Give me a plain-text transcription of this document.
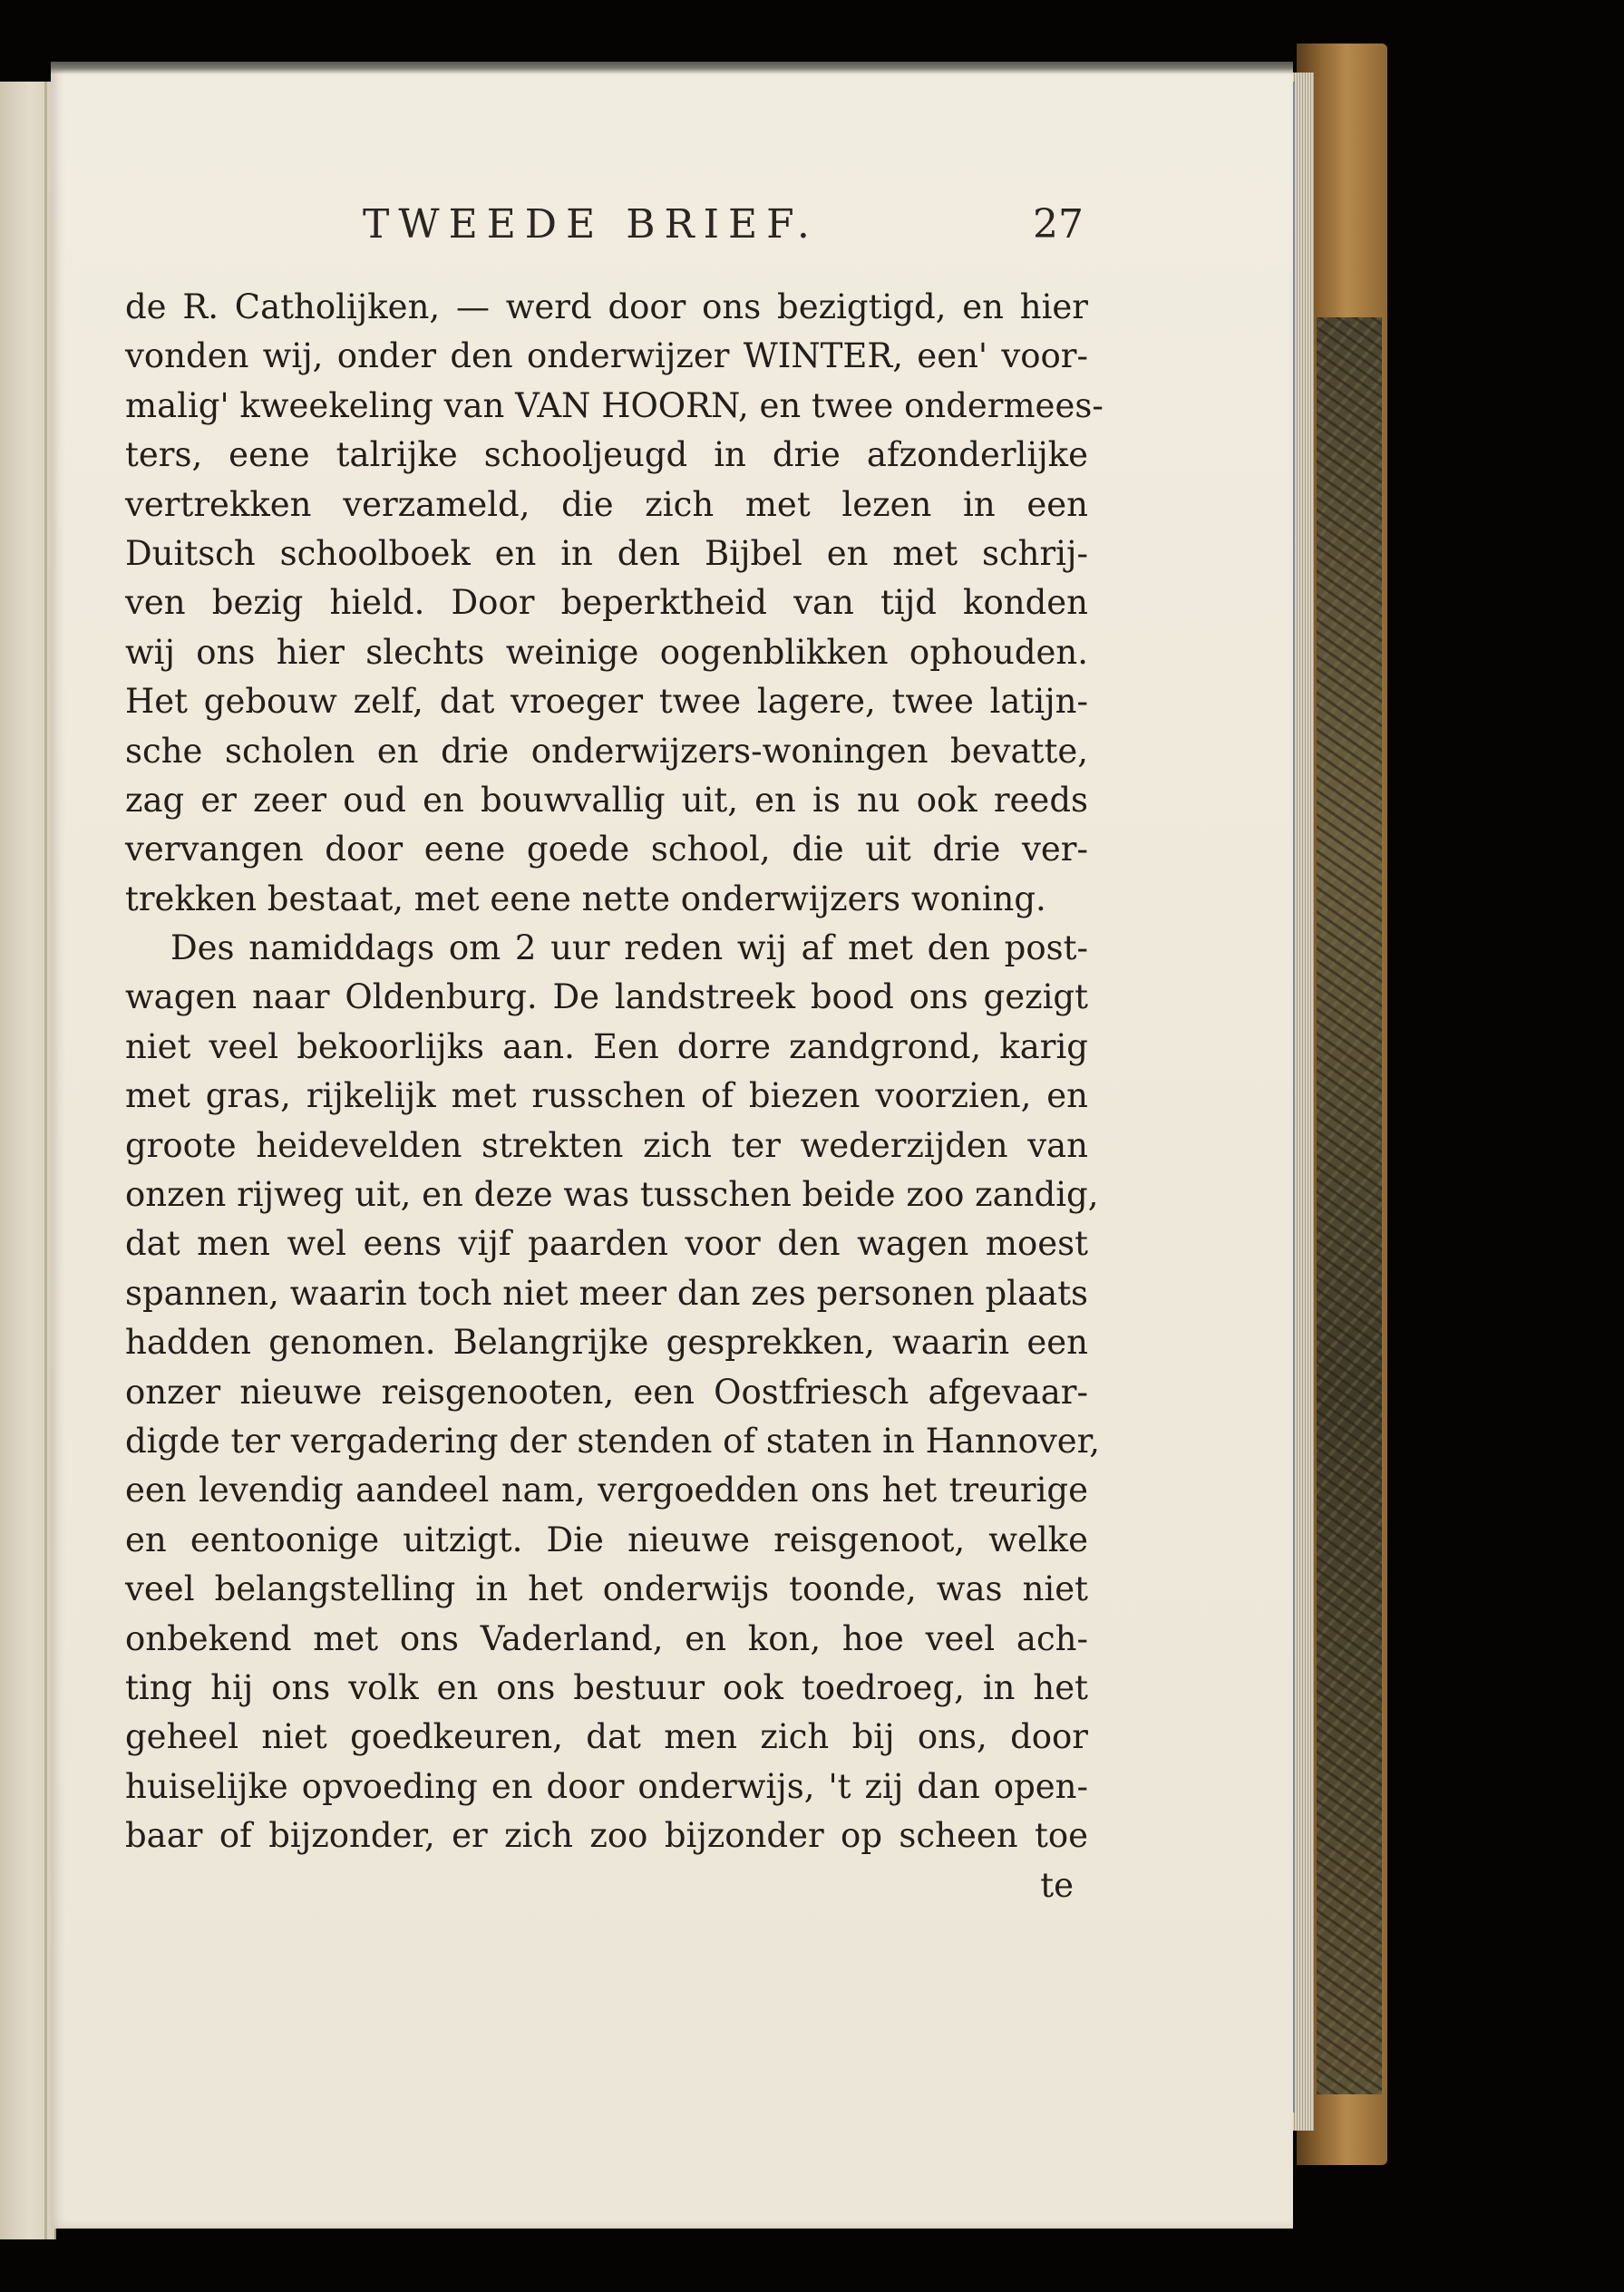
TWEEDE BRIEF.	27
de R. Catholijken, — werd door ons bezigtigd, en hier
vonden wij, onder den onderwijzer WINTER, een' voor-
malig' kweekeling van VAN HOORN, en twee ondermees-
ters, eene talrijke schooljeugd in drie afzonderlijke
vertrekken verzameld, die zich met lezen in een
Duitsch schoolboek en in den Bijbel en met schrij-
ven bezig hield. Door beperktheid van tijd konden
wij ons hier slechts weinige oogenblikken ophouden.
Het gebouw zelf, dat vroeger twee lagere, twee latijn-
sche scholen en drie onderwijzers-woningen bevatte,
zag er zeer oud en bouwvallig uit, en is nu ook reeds
vervangen door eene goede school, die uit drie ver-
trekken bestaat, met eene nette onderwijzers woning.
Des namiddags om 2 uur reden wij af met den post-
wagen naar Oldenburg. De landstreek bood ons gezigt
niet veel bekoorlijks aan. Een dorre zandgrond, karig
met gras, rijkelijk met russchen of biezen voorzien, en
groote heidevelden strekten zich ter wederzijden van
onzen rijweg uit, en deze was tusschen beide zoo zandig,
dat men wel eens vijf paarden voor den wagen moest
spannen, waarin toch niet meer dan zes personen plaats
hadden genomen. Belangrijke gesprekken, waarin een
onzer nieuwe reisgenooten, een Oostfriesch afgevaar-
digde ter vergadering der stenden of staten in Hannover,
een levendig aandeel nam, vergoedden ons het treurige
en eentoonige uitzigt. Die nieuwe reisgenoot, welke
veel belangstelling in het onderwijs toonde, was niet
onbekend met ons Vaderland, en kon, hoe veel ach-
ting hij ons volk en ons bestuur ook toedroeg, in het
geheel niet goedkeuren, dat men zich bij ons, door
huiselijke opvoeding en door onderwijs, 't zij dan open-
baar of bijzonder, er zich zoo bijzonder op scheen toe
te
